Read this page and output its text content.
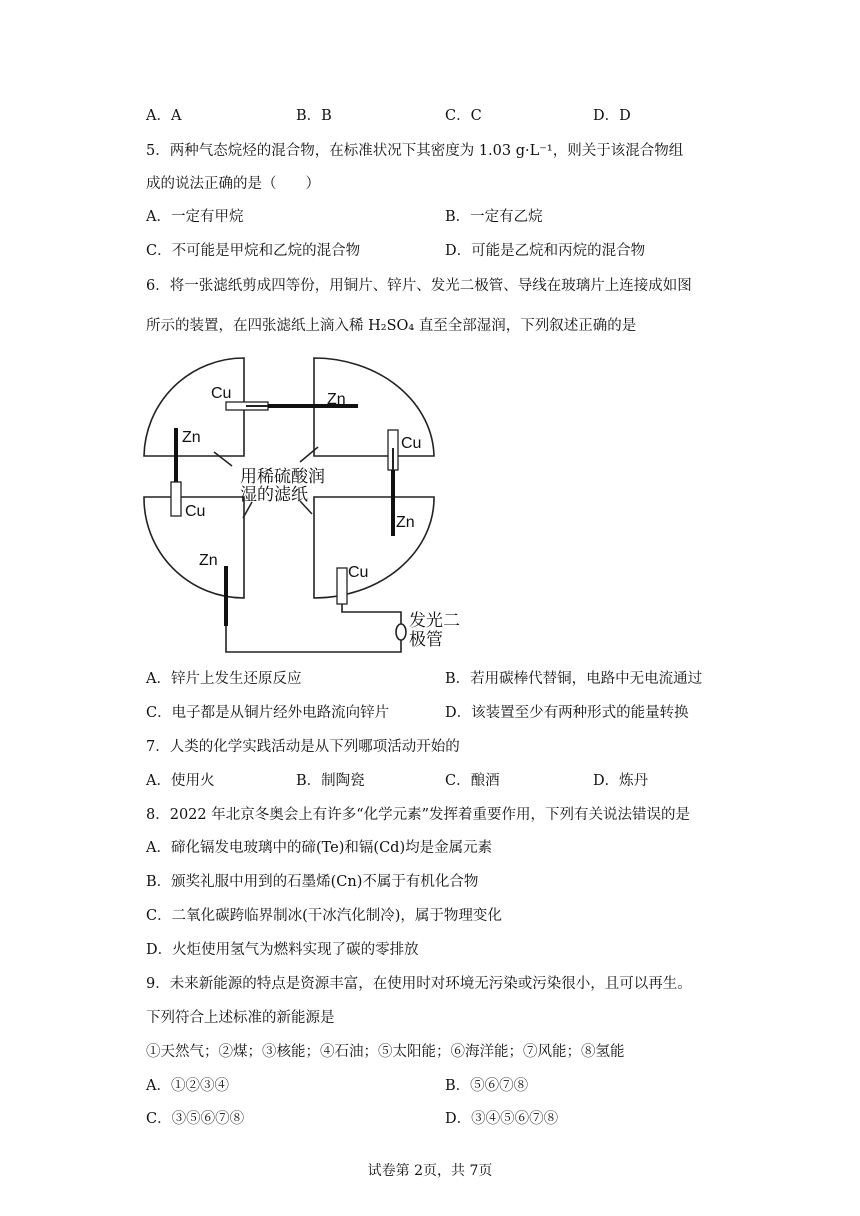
A．A	B．B	C．C	D．D
5．两种气态烷烃的混合物，在标准状况下其密度为 1.03 g·L⁻¹，则关于该混合物组
成的说法正确的是（　　）
A．一定有甲烷	B．一定有乙烷
C．不可能是甲烷和乙烷的混合物	D．可能是乙烷和丙烷的混合物
6．将一张滤纸剪成四等份，用铜片、锌片、发光二极管、导线在玻璃片上连接成如图
所示的装置，在四张滤纸上滴入稀 H₂SO₄ 直至全部湿润，下列叙述正确的是
Cu	Zn
Zn
Cu
Cu
Zn
Zn
Cu
用稀硫酸润
湿的滤纸
发光二
极管
A．锌片上发生还原反应	B．若用碳棒代替铜，电路中无电流通过
C．电子都是从铜片经外电路流向锌片	D．该装置至少有两种形式的能量转换
7．人类的化学实践活动是从下列哪项活动开始的
A．使用火	B．制陶瓷	C．酿酒	D．炼丹
8．2022 年北京冬奥会上有许多“化学元素”发挥着重要作用，下列有关说法错误的是
A．碲化镉发电玻璃中的碲(Te)和镉(Cd)均是金属元素
B．颁奖礼服中用到的石墨烯(Cn)不属于有机化合物
C．二氧化碳跨临界制冰(干冰汽化制冷)，属于物理变化
D．火炬使用氢气为燃料实现了碳的零排放
9．未来新能源的特点是资源丰富，在使用时对环境无污染或污染很小，且可以再生。
下列符合上述标准的新能源是
①天然气；②煤；③核能；④石油；⑤太阳能；⑥海洋能；⑦风能；⑧氢能
A．①②③④	B．⑤⑥⑦⑧
C．③⑤⑥⑦⑧	D．③④⑤⑥⑦⑧
试卷第 2页，共 7页
